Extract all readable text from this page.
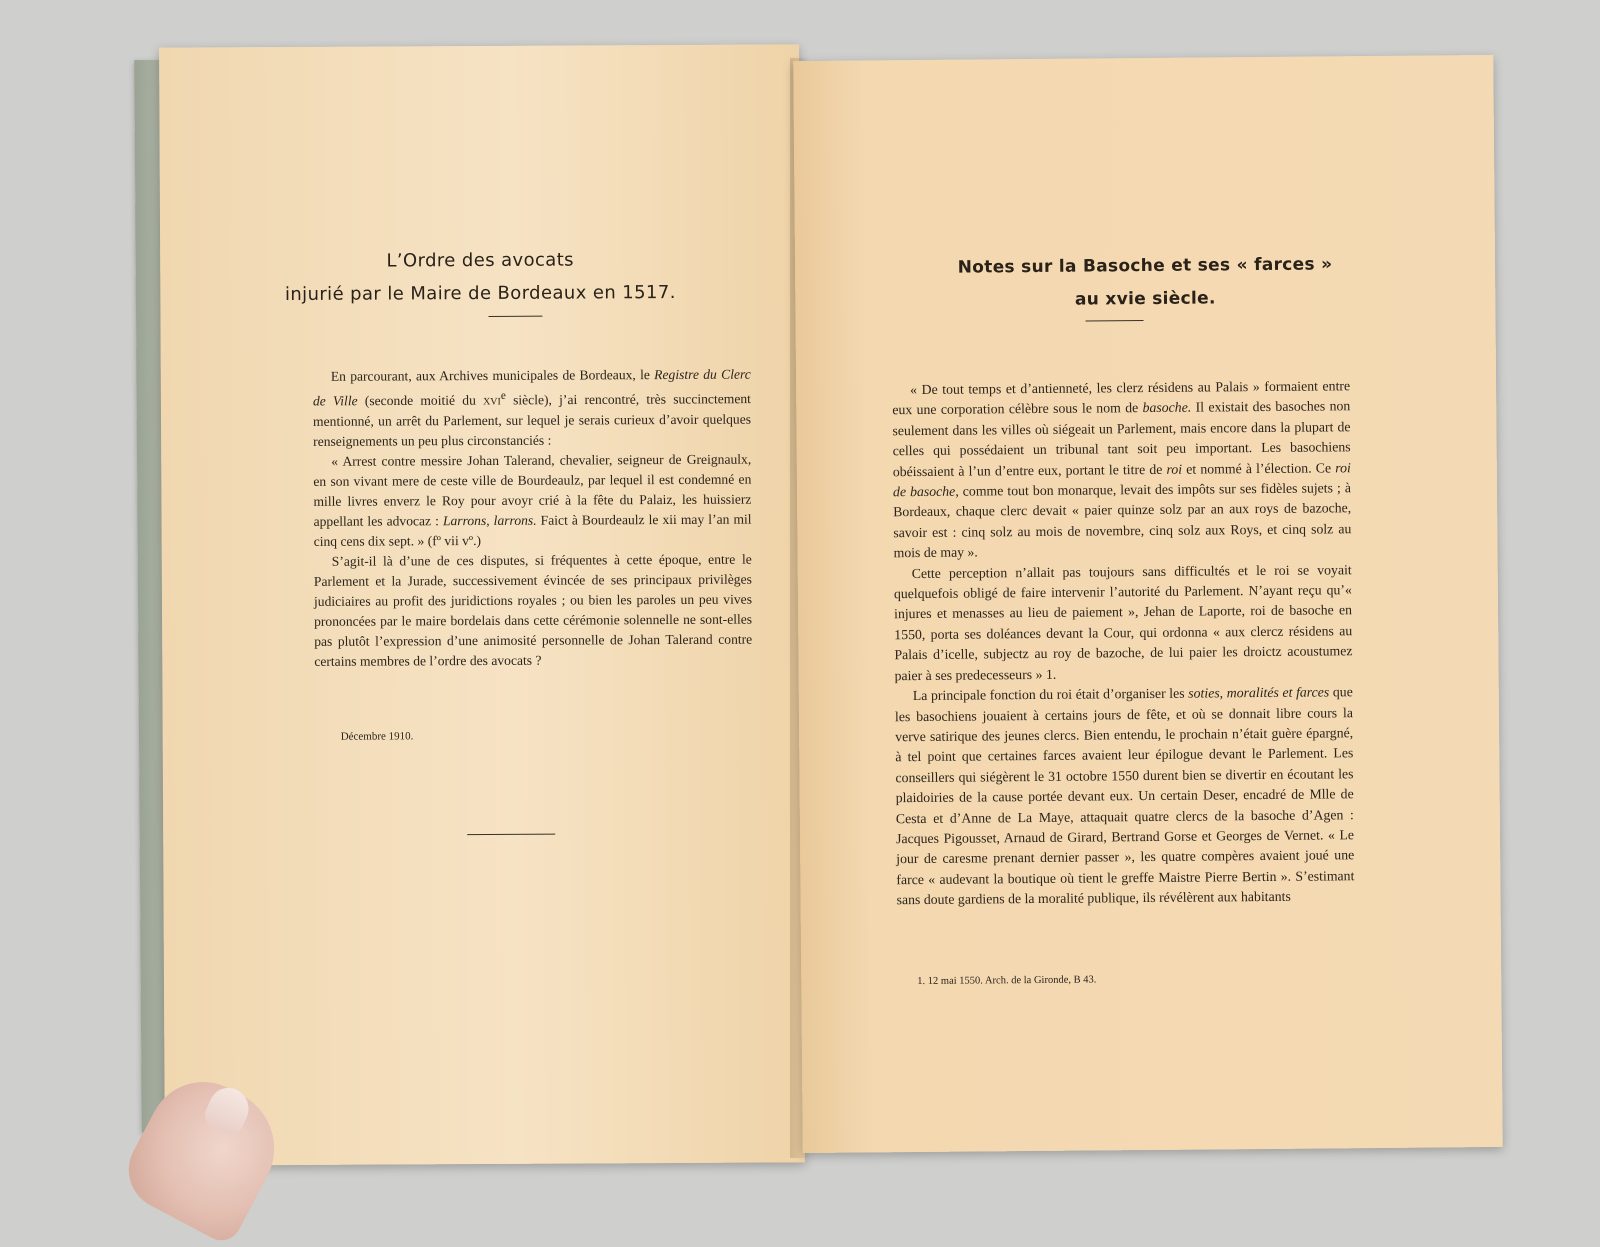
L’Ordre des avocats
injurié par le Maire de Bordeaux en 1517.

En parcourant, aux Archives municipales de Bordeaux, le Registre du Clerc de Ville (seconde moitié du xvi$^e$ siècle), j’ai rencontré, très succinctement mentionné, un arrêt du Parlement, sur lequel je serais curieux d’avoir quelques renseignements un peu plus circonstanciés :

« Arrest contre messire Johan Talerand, chevalier, seigneur de Greignaulx, en son vivant mere de ceste ville de Bourdeaulz, par lequel il est condemné en mille livres enverz le Roy pour avoyr crié à la fête du Palaiz, les huissierz appellant les advocaz : Larrons, larrons. Faict à Bourdeaulz le xii may l’an mil cinq cens dix sept. » (fº vii vº.)

S’agit-il là d’une de ces disputes, si fréquentes à cette époque, entre le Parlement et la Jurade, successivement évincée de ses principaux privilèges judiciaires au profit des juridictions royales ; ou bien les paroles un peu vives prononcées par le maire bordelais dans cette cérémonie solennelle ne sont-elles pas plutôt l’expression d’une animosité personnelle de Johan Talerand contre certains membres de l’ordre des avocats ?

Décembre 1910.
Notes sur la Basoche et ses « farces »
au xvie siècle.

« De tout temps et d’antienneté, les clerz résidens au Palais » formaient entre eux une corporation célèbre sous le nom de basoche. Il existait des basoches non seulement dans les villes où siégeait un Parlement, mais encore dans la plupart de celles qui possédaient un tribunal tant soit peu important. Les basochiens obéissaient à l’un d’entre eux, portant le titre de roi et nommé à l’élection. Ce roi de basoche, comme tout bon monarque, levait des impôts sur ses fidèles sujets ; à Bordeaux, chaque clerc devait « paier quinze solz par an aux roys de bazoche, savoir est : cinq solz au mois de novembre, cinq solz aux Roys, et cinq solz au mois de may ».

Cette perception n’allait pas toujours sans difficultés et le roi se voyait quelquefois obligé de faire intervenir l’autorité du Parlement. N’ayant reçu qu’« injures et menasses au lieu de paiement », Jehan de Laporte, roi de basoche en 1550, porta ses doléances devant la Cour, qui ordonna « aux clercz résidens au Palais d’icelle, subjectz au roy de bazoche, de lui paier les droictz acoustumez paier à ses predecesseurs » 1.

La principale fonction du roi était d’organiser les soties, moralités et farces que les basochiens jouaient à certains jours de fête, et où se donnait libre cours la verve satirique des jeunes clercs. Bien entendu, le prochain n’était guère épargné, à tel point que certaines farces avaient leur épilogue devant le Parlement. Les conseillers qui siégèrent le 31 octobre 1550 durent bien se divertir en écoutant les plaidoiries de la cause portée devant eux. Un certain Deser, encadré de Mlle de Cesta et d’Anne de La Maye, attaquait quatre clercs de la basoche d’Agen : Jacques Pigousset, Arnaud de Girard, Bertrand Gorse et Georges de Vernet. « Le jour de caresme prenant dernier passer », les quatre compères avaient joué une farce « audevant la boutique où tient le greffe Maistre Pierre Bertin ». S’estimant sans doute gardiens de la moralité publique, ils révélèrent aux habitants

1. 12 mai 1550. Arch. de la Gironde, B 43.
